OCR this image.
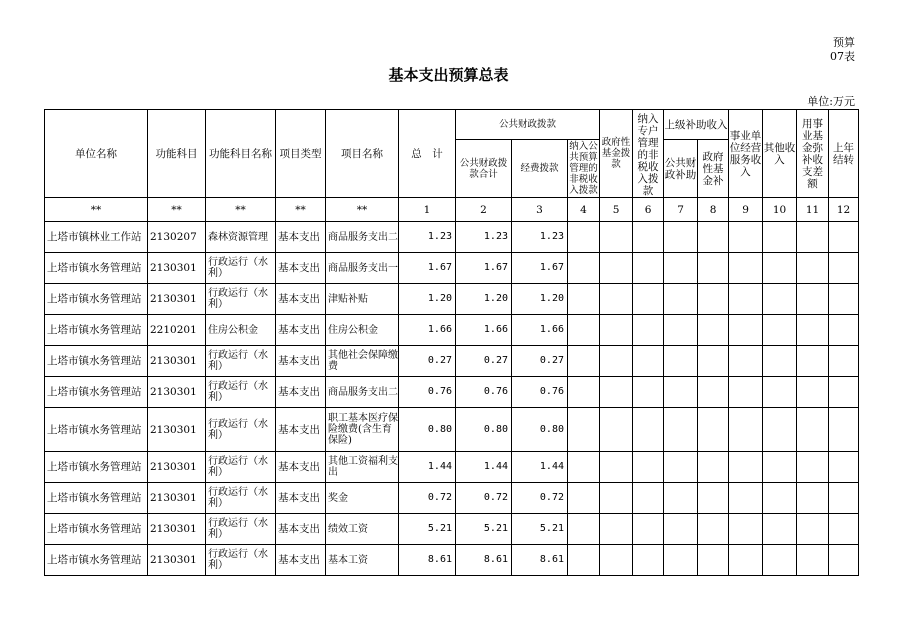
预算
07表
基本支出预算总表
单位:万元
单位名称	功能科目	功能科目名称	项目类型	项目名称	总　计	公共财政拨款			政府性基金拨款	纳入专户管理的非税收入拨款	上级补助收入		事业单位经营服务收入	其他收入	用事业基金弥补收支差额	上年结转
						公共财政拨款合计	经费拨款	纳入公共预算管理的非税收入拨款			公共财政补助	政府性基金补				
**	**	**	**	**	1	2	3	4	5	6	7	8	9	10	11	12
上塔市镇林业工作站	2130207	森林资源管理	基本支出	商品服务支出二	1.23	1.23	1.23									
上塔市镇水务管理站	2130301	行政运行（水利）	基本支出	商品服务支出一	1.67	1.67	1.67									
上塔市镇水务管理站	2130301	行政运行（水利）	基本支出	津贴补贴	1.20	1.20	1.20									
上塔市镇水务管理站	2210201	住房公积金	基本支出	住房公积金	1.66	1.66	1.66									
上塔市镇水务管理站	2130301	行政运行（水利）	基本支出	其他社会保障缴费	0.27	0.27	0.27									
上塔市镇水务管理站	2130301	行政运行（水利）	基本支出	商品服务支出二	0.76	0.76	0.76									
上塔市镇水务管理站	2130301	行政运行（水利）	基本支出	职工基本医疗保险缴费(含生育保险)	0.80	0.80	0.80									
上塔市镇水务管理站	2130301	行政运行（水利）	基本支出	其他工资福利支出	1.44	1.44	1.44									
上塔市镇水务管理站	2130301	行政运行（水利）	基本支出	奖金	0.72	0.72	0.72									
上塔市镇水务管理站	2130301	行政运行（水利）	基本支出	绩效工资	5.21	5.21	5.21									
上塔市镇水务管理站	2130301	行政运行（水利）	基本支出	基本工资	8.61	8.61	8.61									
